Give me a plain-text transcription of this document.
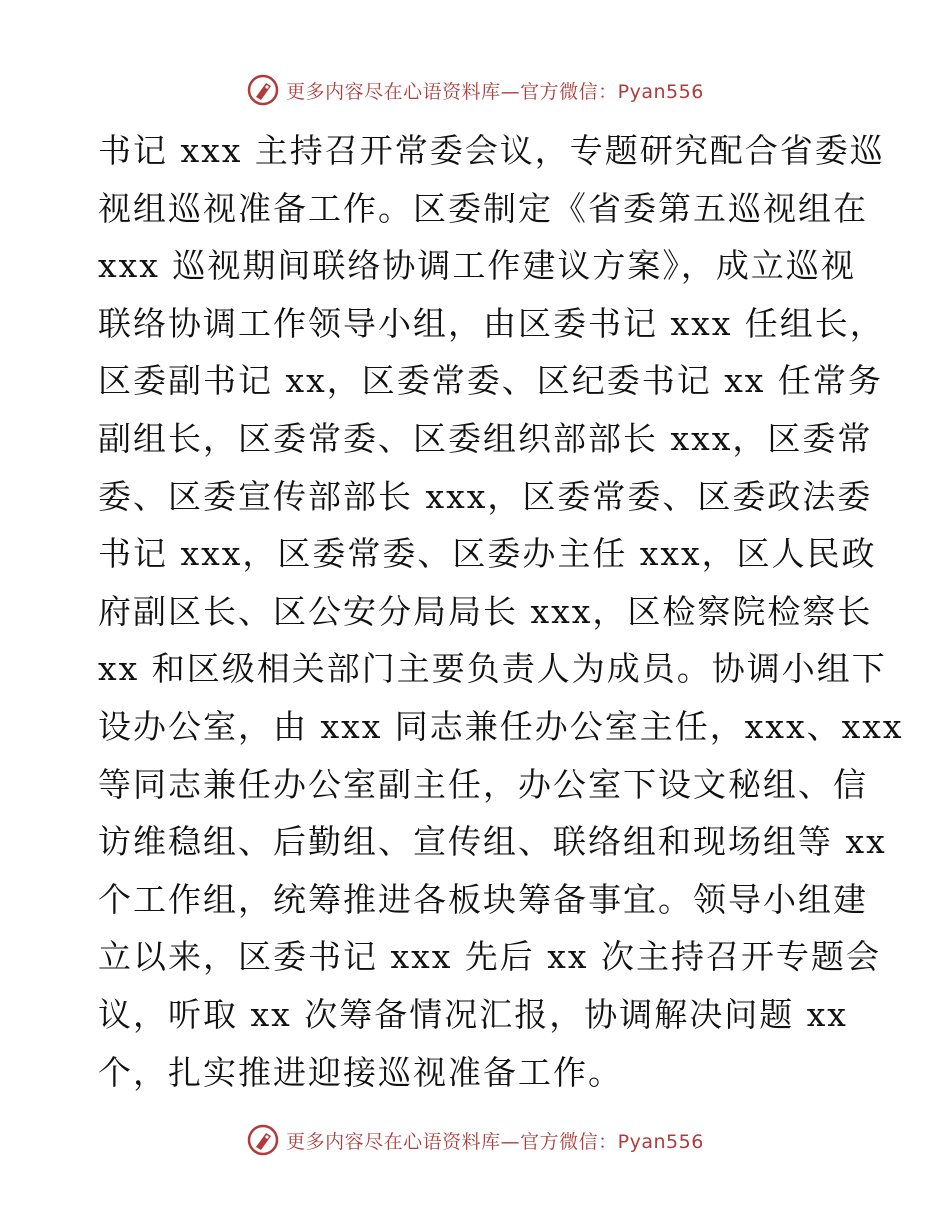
更多内容尽在心语资料库—官方微信：Pyan556
书记 xxx 主持召开常委会议，专题研究配合省委巡
视组巡视准备工作。区委制定《省委第五巡视组在
xxx 巡视期间联络协调工作建议方案》，成立巡视
联络协调工作领导小组，由区委书记 xxx 任组长，
区委副书记 xx，区委常委、区纪委书记 xx 任常务
副组长，区委常委、区委组织部部长 xxx，区委常
委、区委宣传部部长 xxx，区委常委、区委政法委
书记 xxx，区委常委、区委办主任 xxx，区人民政
府副区长、区公安分局局长 xxx，区检察院检察长
xx 和区级相关部门主要负责人为成员。协调小组下
设办公室，由 xxx 同志兼任办公室主任，xxx、xxx
等同志兼任办公室副主任，办公室下设文秘组、信
访维稳组、后勤组、宣传组、联络组和现场组等 xx
个工作组，统筹推进各板块筹备事宜。领导小组建
立以来，区委书记 xxx 先后 xx 次主持召开专题会
议，听取 xx 次筹备情况汇报，协调解决问题 xx
个，扎实推进迎接巡视准备工作。
更多内容尽在心语资料库—官方微信：Pyan556
